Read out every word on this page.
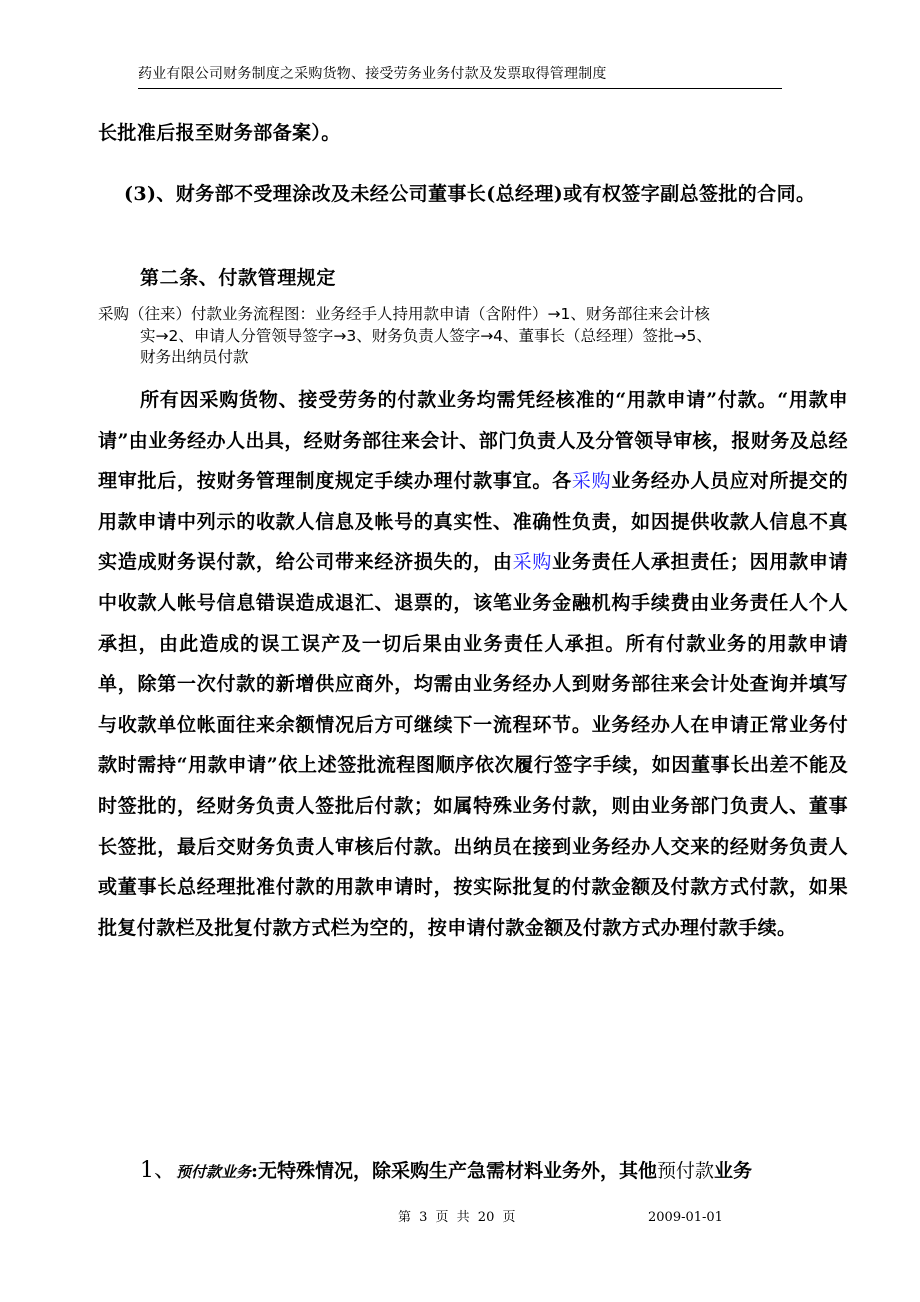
药业有限公司财务制度之采购货物、接受劳务业务付款及发票取得管理制度
长批准后报至财务部备案）。
(3)、财务部不受理涂改及未经公司董事长(总经理)或有权签字副总签批的合同。
第二条、付款管理规定
采购（往来）付款业务流程图：业务经手人持用款申请（含附件）→1、财务部往来会计核
实→2、申请人分管领导签字→3、财务负责人签字→4、董事长（总经理）签批→5、
财务出纳员付款
所有因采购货物、接受劳务的付款业务均需凭经核准的“用款申请”付款。“用款申请”由业务经办人出具，经财务部往来会计、部门负责人及分管领导审核，报财务及总经理审批后，按财务管理制度规定手续办理付款事宜。各采购业务经办人员应对所提交的用款申请中列示的收款人信息及帐号的真实性、准确性负责，如因提供收款人信息不真实造成财务误付款，给公司带来经济损失的，由采购业务责任人承担责任；因用款申请中收款人帐号信息错误造成退汇、退票的，该笔业务金融机构手续费由业务责任人个人承担，由此造成的误工误产及一切后果由业务责任人承担。所有付款业务的用款申请单，除第一次付款的新增供应商外，均需由业务经办人到财务部往来会计处查询并填写与收款单位帐面往来余额情况后方可继续下一流程环节。业务经办人在申请正常业务付款时需持“用款申请”依上述签批流程图顺序依次履行签字手续，如因董事长出差不能及时签批的，经财务负责人签批后付款；如属特殊业务付款，则由业务部门负责人、董事长签批，最后交财务负责人审核后付款。出纳员在接到业务经办人交来的经财务负责人或董事长总经理批准付款的用款申请时，按实际批复的付款金额及付款方式付款，如果批复付款栏及批复付款方式栏为空的，按申请付款金额及付款方式办理付款手续。
1、预付款业务:无特殊情况，除采购生产急需材料业务外，其他预付款业务
第 3 页 共 20 页	2009-01-01
